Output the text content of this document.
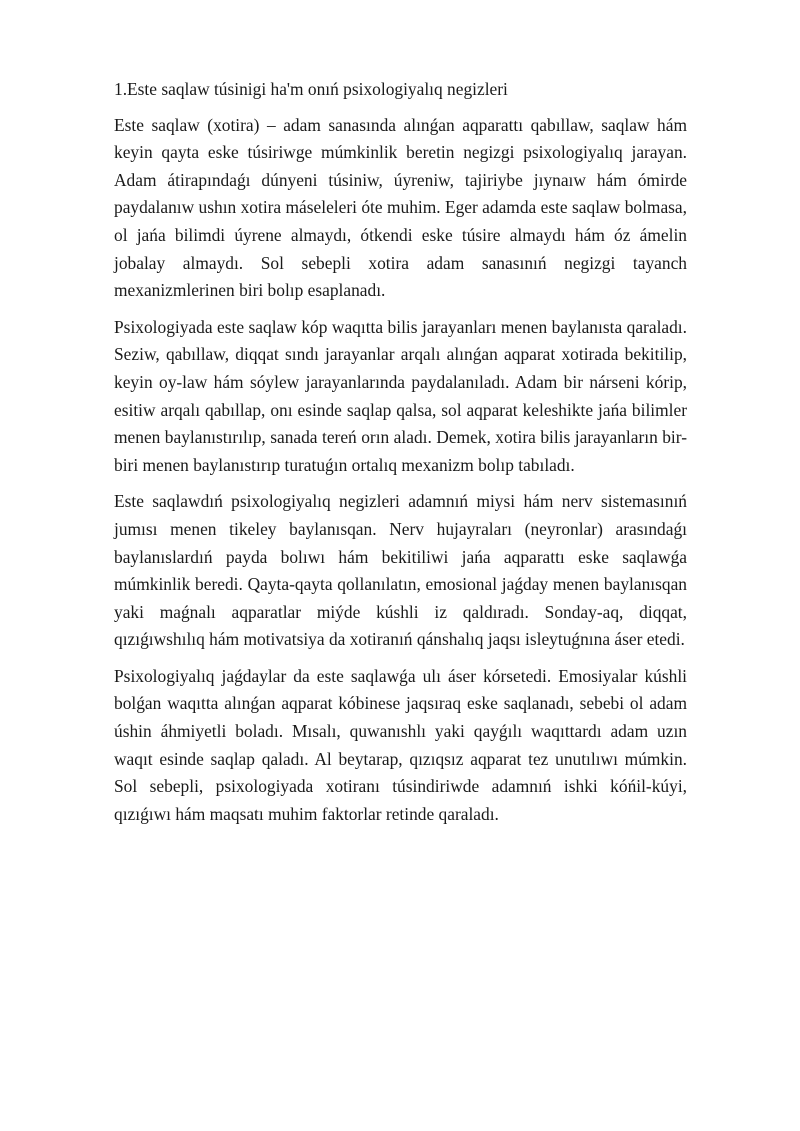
1.Este saqlaw túsinigi ha'm onıń psixologiyalıq negizleri

Este saqlaw (xotira) – adam sanasında alınǵan aqparattı qabıllaw, saqlaw hám keyin qayta eske túsiriwge múmkinlik beretin negizgi psixologiyalıq jarayan. Adam átirapındaǵı dúnyeni túsiniw, úyreniw, tajiriybe jıynaıw hám ómirde paydalanıw ushın xotira máseleleri óte muhim. Eger adamda este saqlaw bolmasa, ol jańa bilimdi úyrene almaydı, ótkendi eske túsire almaydı hám óz ámelin jobalay almaydı. Sol sebepli xotira adam sanasınıń negizgi tayanch mexanizmlerinen biri bolıp esaplanadı.

Psixologiyada este saqlaw kóp waqıtta bilis jarayanları menen baylanısta qaraladı. Seziw, qabıllaw, diqqat sındı jarayanlar arqalı alınǵan aqparat xotirada bekitilip, keyin oy-law hám sóylew jarayanlarında paydalanıladı. Adam bir nárseni kórip, esitiw arqalı qabıllap, onı esinde saqlap qalsa, sol aqparat keleshikte jańa bilimler menen baylanıstırılıp, sanada tereń orın aladı. Demek, xotira bilis jarayanların bir-biri menen baylanıstırıp turatuǵın ortalıq mexanizm bolıp tabıladı.

Este saqlawdıń psixologiyalıq negizleri adamnıń miysi hám nerv sistemasınıń jumısı menen tikeley baylanısqan. Nerv hujayraları (neyronlar) arasındaǵı baylanıslardıń payda bolıwı hám bekitiliwi jańa aqparattı eske saqlawǵa múmkinlik beredi. Qayta-qayta qollanılatın, emosional jaǵday menen baylanısqan yaki maǵnalı aqparatlar miýde kúshli iz qaldıradı. Sonday-aq, diqqat, qızıǵıwshılıq hám motivatsiya da xotiranıń qánshalıq jaqsı isleytuǵnına áser etedi.

Psixologiyalıq jaǵdaylar da este saqlawǵa ulı áser kórsetedi. Emosiyalar kúshli bolǵan waqıtta alınǵan aqparat kóbinese jaqsıraq eske saqlanadı, sebebi ol adam úshin áhmiyetli boladı. Mısalı, quwanıshlı yaki qayǵılı waqıttardı adam uzın waqıt esinde saqlap qaladı. Al beytarap, qızıqsız aqparat tez unutılıwı múmkin. Sol sebepli, psixologiyada xotiranı túsindiriwde adamnıń ishki kóńil-kúyi, qızıǵıwı hám maqsatı muhim faktorlar retinde qaraladı.
